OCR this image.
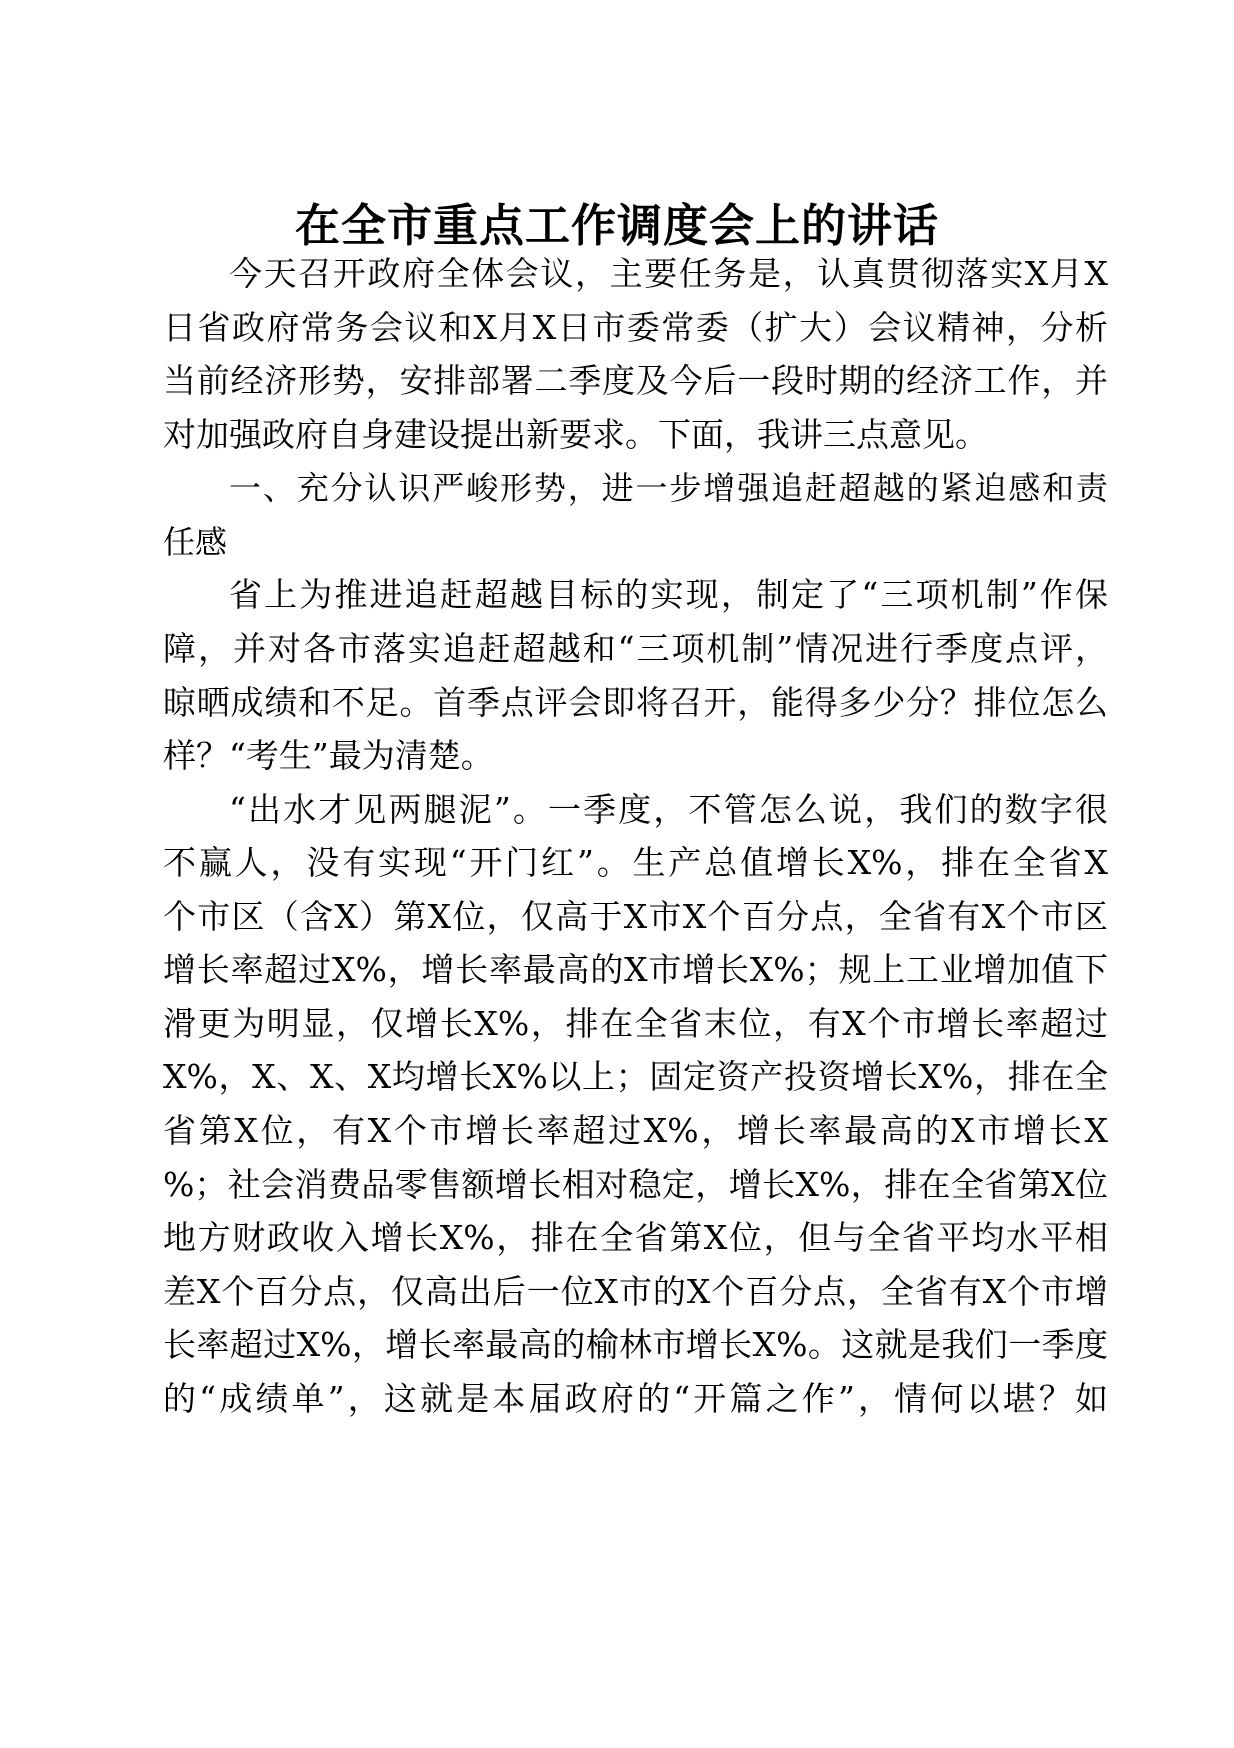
在全市重点工作调度会上的讲话
今天召开政府全体会议，主要任务是，认真贯彻落实X月X
日省政府常务会议和X月X日市委常委（扩大）会议精神，分析
当前经济形势，安排部署二季度及今后一段时期的经济工作，并
对加强政府自身建设提出新要求。下面，我讲三点意见。
一、充分认识严峻形势，进一步增强追赶超越的紧迫感和责
任感
省上为推进追赶超越目标的实现，制定了“三项机制”作保
障，并对各市落实追赶超越和“三项机制”情况进行季度点评，
晾晒成绩和不足。首季点评会即将召开，能得多少分？排位怎么
样？“考生”最为清楚。
“出水才见两腿泥”。一季度，不管怎么说，我们的数字很
不赢人，没有实现“开门红”。生产总值增长X%，排在全省X
个市区（含X）第X位，仅高于X市X个百分点，全省有X个市区
增长率超过X%，增长率最高的X市增长X%；规上工业增加值下
滑更为明显，仅增长X%，排在全省末位，有X个市增长率超过
X%，X、X、X均增长X%以上；固定资产投资增长X%，排在全
省第X位，有X个市增长率超过X%，增长率最高的X市增长X
%；社会消费品零售额增长相对稳定，增长X%，排在全省第X位
地方财政收入增长X%，排在全省第X位，但与全省平均水平相
差X个百分点，仅高出后一位X市的X个百分点，全省有X个市增
长率超过X%，增长率最高的榆林市增长X%。这就是我们一季度
的“成绩单”，这就是本届政府的“开篇之作”，情何以堪？如
